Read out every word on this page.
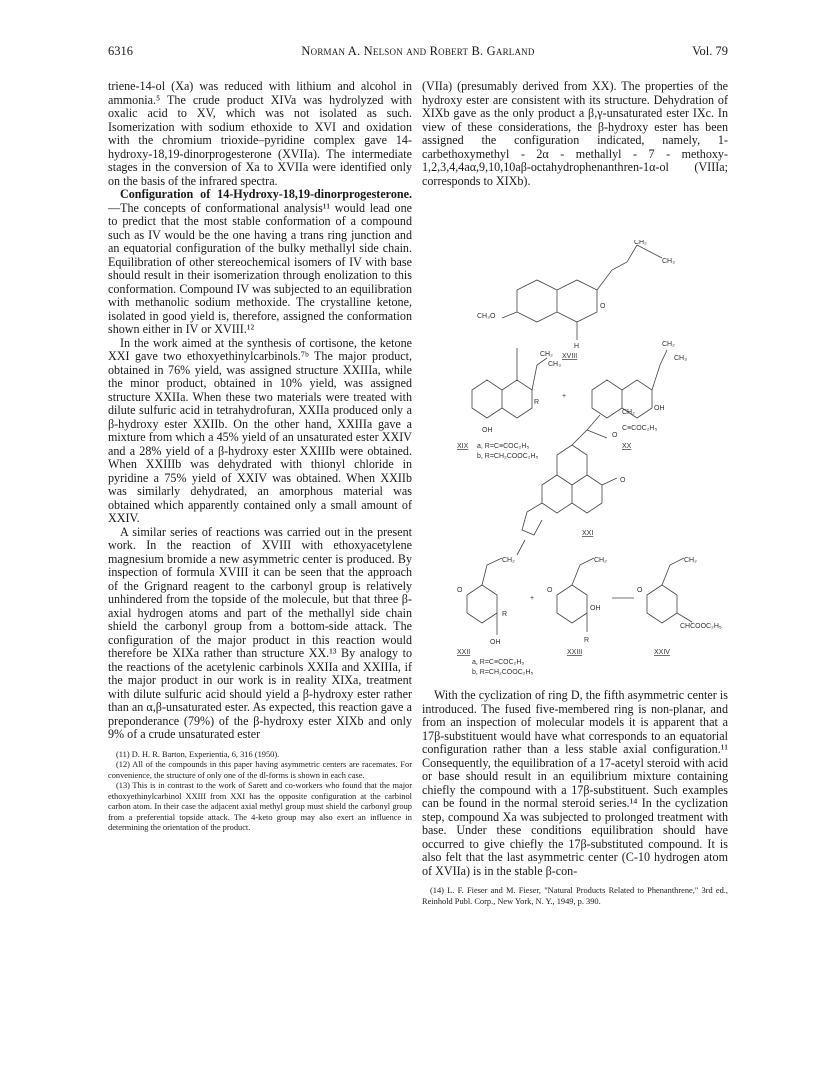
6316	Norman A. Nelson and Robert B. Garland	Vol. 79

triene-14-ol (Xa) was reduced with lithium and alcohol in ammonia.⁵ The crude product XIVa was hydrolyzed with oxalic acid to XV, which was not isolated as such. Isomerization with sodium ethoxide to XVI and oxidation with the chromium trioxide–pyridine complex gave 14-hydroxy-18,19-dinorprogesterone (XVIIa). The intermediate stages in the conversion of Xa to XVIIa were identified only on the basis of the infrared spectra.

Configuration of 14-Hydroxy-18,19-dinorprogesterone.—The concepts of conformational analysis¹¹ would lead one to predict that the most stable conformation of a compound such as IV would be the one having a trans ring junction and an equatorial configuration of the bulky methallyl side chain. Equilibration of other stereochemical isomers of IV with base should result in their isomerization through enolization to this conformation. Compound IV was subjected to an equilibration with methanolic sodium methoxide. The crystalline ketone, isolated in good yield is, therefore, assigned the conformation shown either in IV or XVIII.¹²

In the work aimed at the synthesis of cortisone, the ketone XXI gave two ethoxyethinylcarbinols.⁷ᵇ The major product, obtained in 76% yield, was assigned structure XXIIIa, while the minor product, obtained in 10% yield, was assigned structure XXIIa. When these two materials were treated with dilute sulfuric acid in tetrahydrofuran, XXIIa produced only a β-hydroxy ester XXIIb. On the other hand, XXIIIa gave a mixture from which a 45% yield of an unsaturated ester XXIV and a 28% yield of a β-hydroxy ester XXIIIb were obtained. When XXIIIb was dehydrated with thionyl chloride in pyridine a 75% yield of XXIV was obtained. When XXIIb was similarly dehydrated, an amorphous material was obtained which apparently contained only a small amount of XXIV.

A similar series of reactions was carried out in the present work. In the reaction of XVIII with ethoxyacetylene magnesium bromide a new asymmetric center is produced. By inspection of formula XVIII it can be seen that the approach of the Grignard reagent to the carbonyl group is relatively unhindered from the topside of the molecule, but that three β-axial hydrogen atoms and part of the methallyl side chain shield the carbonyl group from a bottom-side attack. The configuration of the major product in this reaction would therefore be XIXa rather than structure XX.¹³ By analogy to the reactions of the acetylenic carbinols XXIIa and XXIIIa, if the major product in our work is in reality XIXa, treatment with dilute sulfuric acid should yield a β-hydroxy ester rather than an α,β-unsaturated ester. As expected, this reaction gave a preponderance (79%) of the β-hydroxy ester XIXb and only 9% of a crude unsaturated ester

(11) D. H. R. Barton, Experientia, 6, 316 (1950).

(12) All of the compounds in this paper having asymmetric centers are racemates. For convenience, the structure of only one of the dl-forms is shown in each case.

(13) This is in contrast to the work of Sarett and co-workers who found that the major ethoxyethinylcarbinol XXIII from XXI has the opposite configuration at the carbinol carbon atom. In their case the adjacent axial methyl group must shield the carbonyl group from a preferential topside attack. The 4-keto group may also exert an influence in determining the orientation of the product.

(VIIa) (presumably derived from XX). The properties of the hydroxy ester are consistent with its structure. Dehydration of XIXb gave as the only product a β,γ-unsaturated ester IXc. In view of these considerations, the β-hydroxy ester has been assigned the configuration indicated, namely, 1-carbethoxymethyl - 2α - methallyl - 7 - methoxy-1,2,3,4,4aα,9,10,10aβ-octahydrophenanthren-1α-ol (VIIIa; corresponds to XIXb).

CH₃O
CH₂
CH₃
O
H
XVIII
CH₂
CH₃
R
OH
+
XIX a, R=C≡COC₂H₅
b, R=CH₂COOC₂H₅
CH₂
CH₃
OH
C≡COC₂H₅
XX
O
O
CH₂
XXI
CH₂
O
R
OH
+
CH₂
O
OH
R
CH₂
O
CHCOOC₂H₅
XXII	XXIII	XXIV
a, R=C≡COC₂H₅
b, R=CH₂COOC₂H₅

With the cyclization of ring D, the fifth asymmetric center is introduced. The fused five-membered ring is non-planar, and from an inspection of molecular models it is apparent that a 17β-substituent would have what corresponds to an equatorial configuration rather than a less stable axial configuration.¹¹ Consequently, the equilibration of a 17-acetyl steroid with acid or base should result in an equilibrium mixture containing chiefly the compound with a 17β-substituent. Such examples can be found in the normal steroid series.¹⁴ In the cyclization step, compound Xa was subjected to prolonged treatment with base. Under these conditions equilibration should have occurred to give chiefly the 17β-substituted compound. It is also felt that the last asymmetric center (C-10 hydrogen atom of XVIIa) is in the stable β-con-

(14) L. F. Fieser and M. Fieser, "Natural Products Related to Phenanthrene," 3rd ed., Reinhold Publ. Corp., New York, N. Y., 1949, p. 390.
